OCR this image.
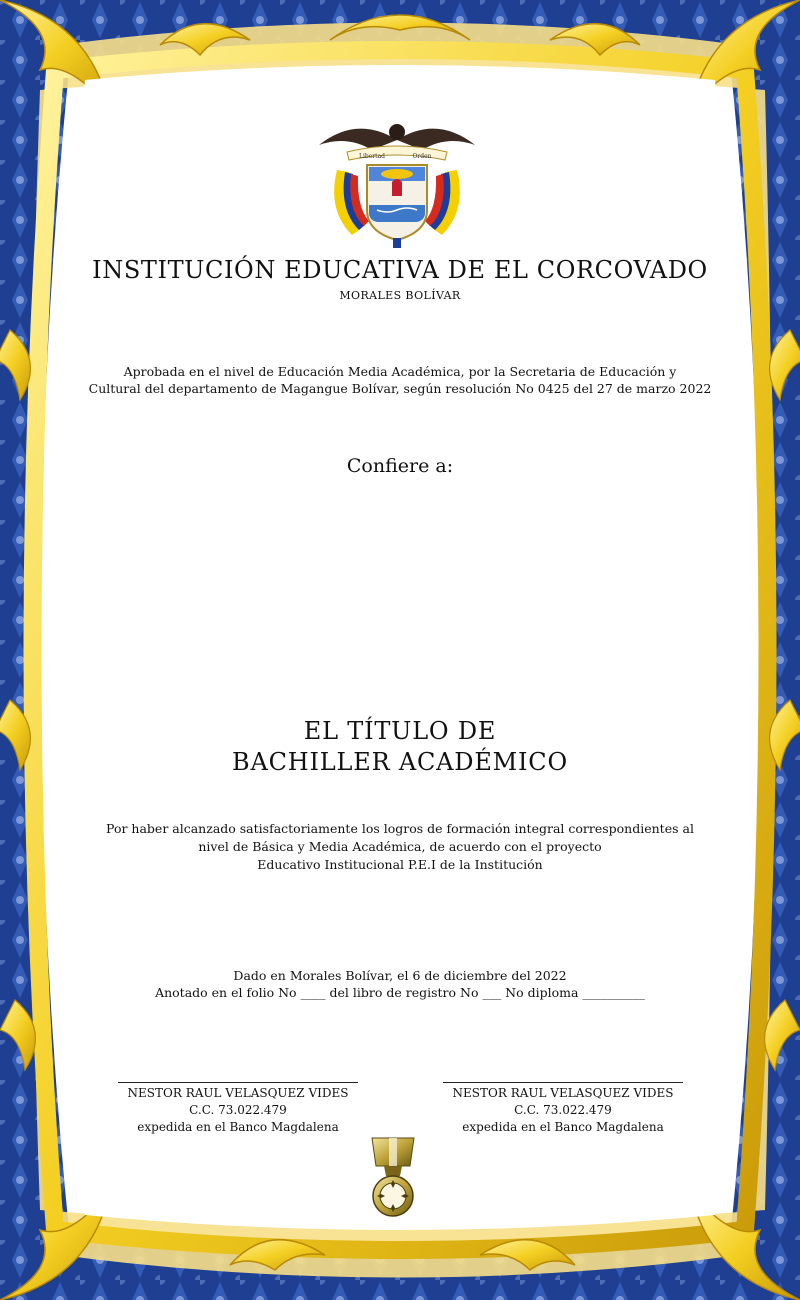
Libertad	Orden
INSTITUCIÓN EDUCATIVA DE EL CORCOVADO
MORALES BOLÍVAR
Aprobada en el nivel de Educación Media Académica, por la Secretaria de Educación y
Cultural del departamento de Magangue Bolívar, según resolución No 0425 del 27 de marzo 2022
Confiere a:
EL TÍTULO DE
BACHILLER ACADÉMICO
Por haber alcanzado satisfactoriamente los logros de formación integral correspondientes al
nivel de Básica y Media Académica, de acuerdo con el proyecto
Educativo Institucional P.E.I de la Institución
Dado en Morales Bolívar, el 6 de diciembre del 2022
Anotado en el folio No ____ del libro de registro No ___ No diploma __________
NESTOR RAUL VELASQUEZ VIDES
C.C. 73.022.479
expedida en el Banco Magdalena
NESTOR RAUL VELASQUEZ VIDES
C.C. 73.022.479
expedida en el Banco Magdalena
